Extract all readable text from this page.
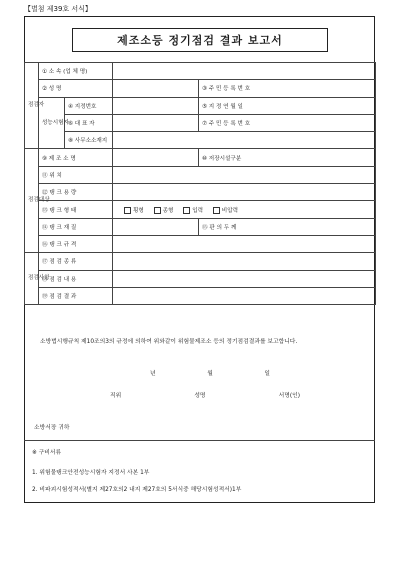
【별첨 제39호 서식】
제조소등 정기점검 결과 보고서
점검자	① 소 속 (업 체 명)			
	② 성 명			③ 주 민 등 록 번 호
	성능시험자	④ 지정번호		⑤ 지 정 연 월 일
		⑥ 대 표 자		⑦ 주 민 등 록 번 호
		⑧ 사무소소재지		
점검대상	⑨ 제 조 소 명			⑩ 저장시설구분
	⑪ 위 치			
	⑫ 탱 크 용 량			
	⑬ 탱 크 형 태		횡형 종형 입력 비압력	
	⑭ 탱 크 재 질			⑮ 판 의 두 께
	⑯ 탱 크 규 격			
점검사항	⑰ 점 검 종 류			
	⑱ 점 검 내 용			
	⑲ 점 검 결 과			
소방법시행규칙 제10조의3의 규정에 의하여 위와같이 위험물제조소 등의 정기점검결과를 보고합니다.
년	월	일
직위	성명	서명(인)
소방서장 귀하
※ 구비서류
1. 위험물탱크안전성능시험자 지정서 사본 1부
2. 비파괴시험성적서(별지 제27호의2 내지 제27호의 5서식중 해당시험성적서)1부
